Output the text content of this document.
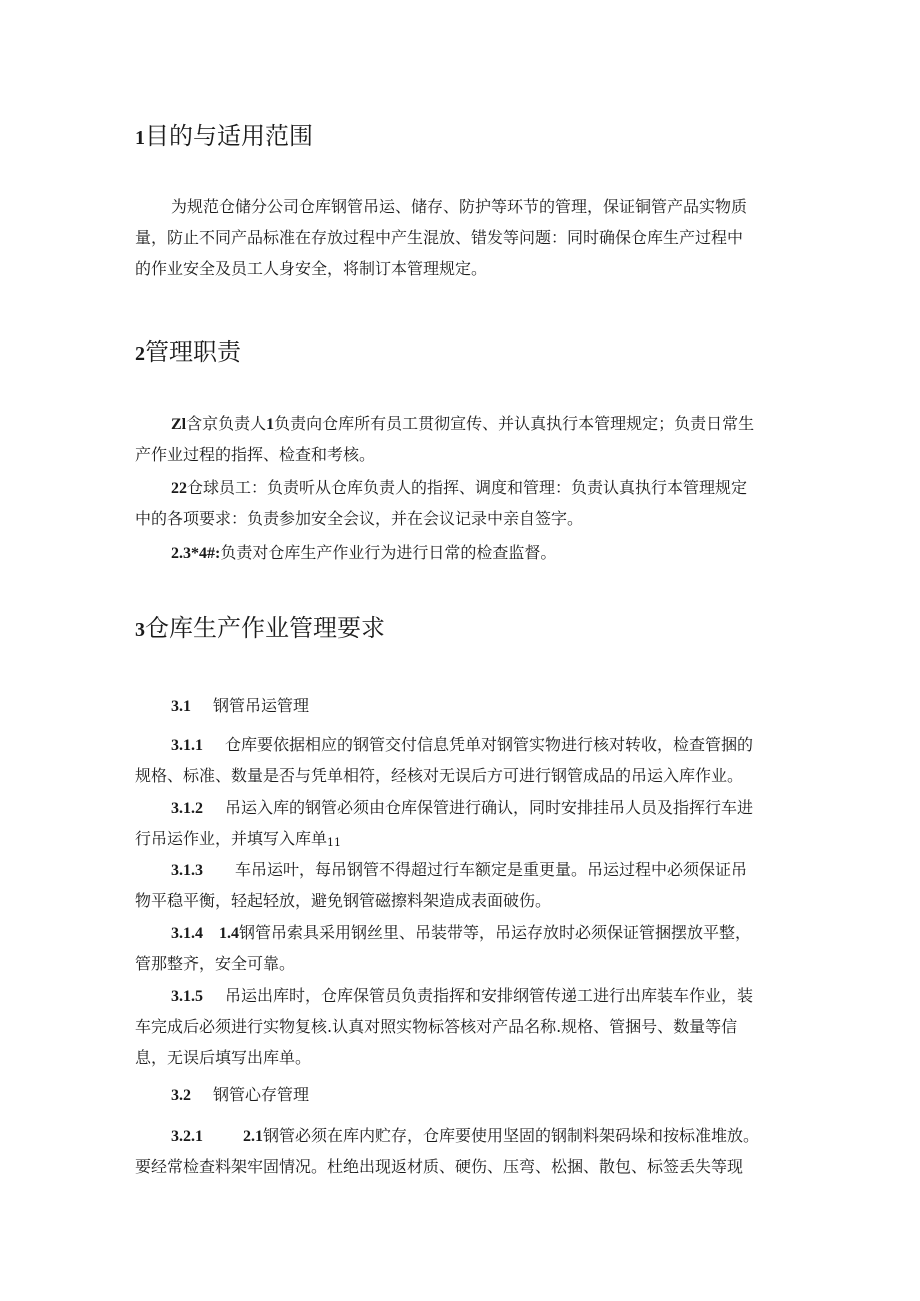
1目的与适用范围
为规范仓储分公司仓库钢管吊运、储存、防护等环节的管理，保证铜管产品实物质
量，防止不同产品标准在存放过程中产生混放、错发等问题：同时确保仓库生产过程中
的作业安全及员工人身安全，将制订本管理规定。
2管理职责
Zl含京负责人1负责向仓库所有员工贯彻宣传、并认真执行本管理规定；负责日常生
产作业过程的指挥、检查和考核。
22仓球员工：负责听从仓库负责人的指挥、调度和管理：负责认真执行本管理规定
中的各项要求：负责参加安全会议，并在会议记录中亲自签字。
2.3*4#:负责对仓库生产作业行为进行日常的检查监督。
3仓库生产作业管理要求
3.1 钢管吊运管理
3.1.1 仓库要依据相应的钢管交付信息凭单对钢管实物进行核对转收，检查管捆的
规格、标准、数量是否与凭单相符，经核对无误后方可进行钢管成品的吊运入库作业。
3.1.2 吊运入库的钢管必须由仓库保管进行确认，同时安排挂吊人员及指挥行车进
行吊运作业，并填写入库单11
3.1.3 车吊运叶，每吊钢管不得超过行车额定是重更量。吊运过程中必须保证吊
物平稳平衡，轻起轻放，避免钢管磁擦料架造成表面破伤。
3.1.4 1.4钢管吊索具采用钢丝里、吊装带等，吊运存放时必须保证管捆摆放平整，
管那整齐，安全可靠。
3.1.5 吊运出库时，仓库保管员负责指挥和安排纲管传递工进行出库装车作业，装
车完成后必须进行实物复核.认真对照实物标答核对产品名称.规格、管捆号、数量等信
息，无误后填写出库单。
3.2 钢管心存管理
3.2.1	2.1钢管必须在库内贮存，仓库要使用坚固的钢制料架码垛和按标准堆放。
要经常检查料架牢固情况。杜绝出现返材质、硬伤、压弯、松捆、散包、标签丢失等现
